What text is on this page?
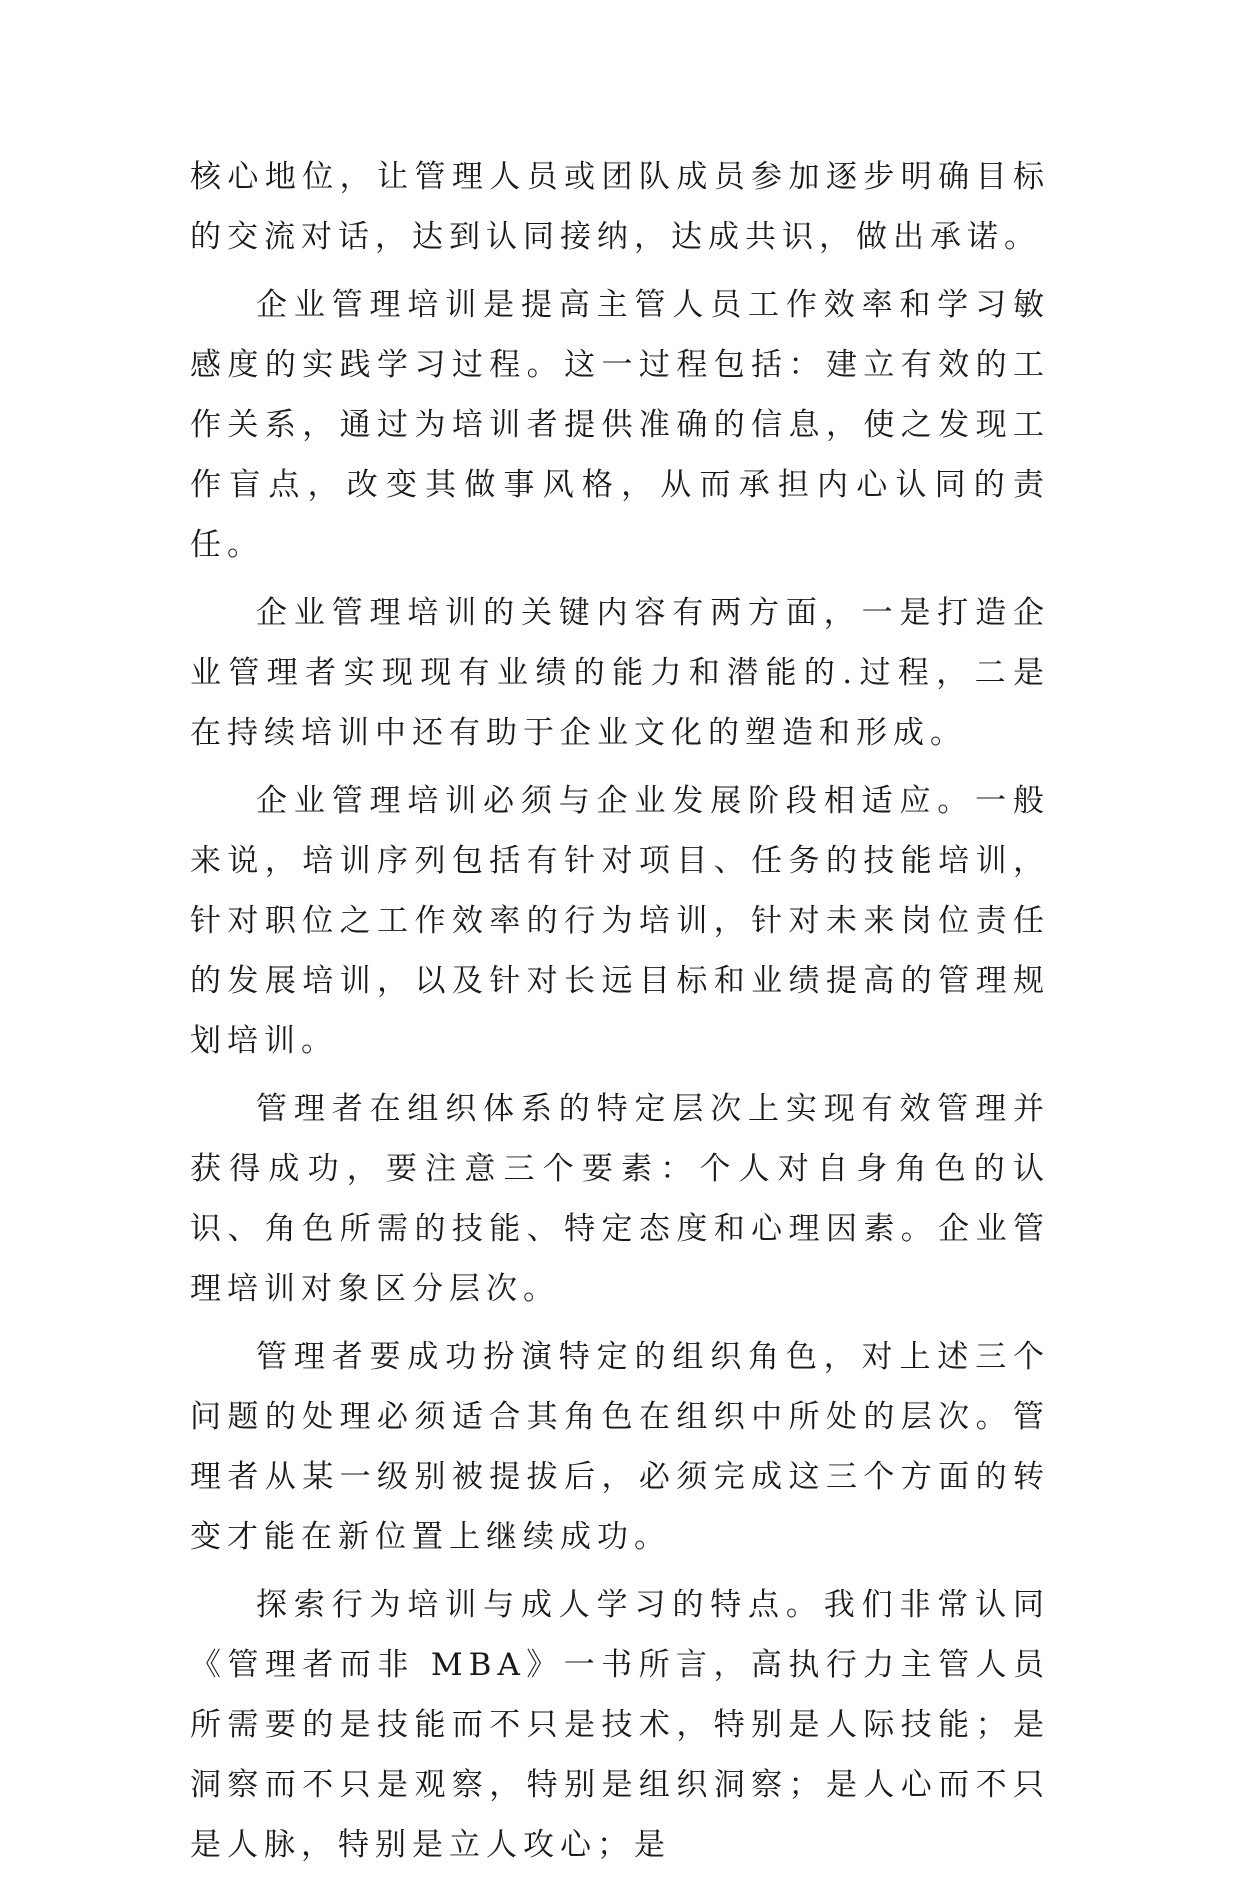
核心地位，让管理人员或团队成员参加逐步明确目标的交流对话，达到认同接纳，达成共识，做出承诺。

企业管理培训是提高主管人员工作效率和学习敏感度的实践学习过程。这一过程包括：建立有效的工作关系，通过为培训者提供准确的信息，使之发现工作盲点，改变其做事风格，从而承担内心认同的责任。

企业管理培训的关键内容有两方面，一是打造企业管理者实现现有业绩的能力和潜能的.过程，二是在持续培训中还有助于企业文化的塑造和形成。

企业管理培训必须与企业发展阶段相适应。一般来说，培训序列包括有针对项目、任务的技能培训，针对职位之工作效率的行为培训，针对未来岗位责任的发展培训，以及针对长远目标和业绩提高的管理规划培训。

管理者在组织体系的特定层次上实现有效管理并获得成功，要注意三个要素：个人对自身角色的认识、角色所需的技能、特定态度和心理因素。企业管理培训对象区分层次。

管理者要成功扮演特定的组织角色，对上述三个问题的处理必须适合其角色在组织中所处的层次。管理者从某一级别被提拔后，必须完成这三个方面的转变才能在新位置上继续成功。

探索行为培训与成人学习的特点。我们非常认同《管理者而非 MBA》一书所言，高执行力主管人员所需要的是技能而不只是技术，特别是人际技能；是洞察而不只是观察，特别是组织洞察；是人心而不只是人脉，特别是立人攻心；是
